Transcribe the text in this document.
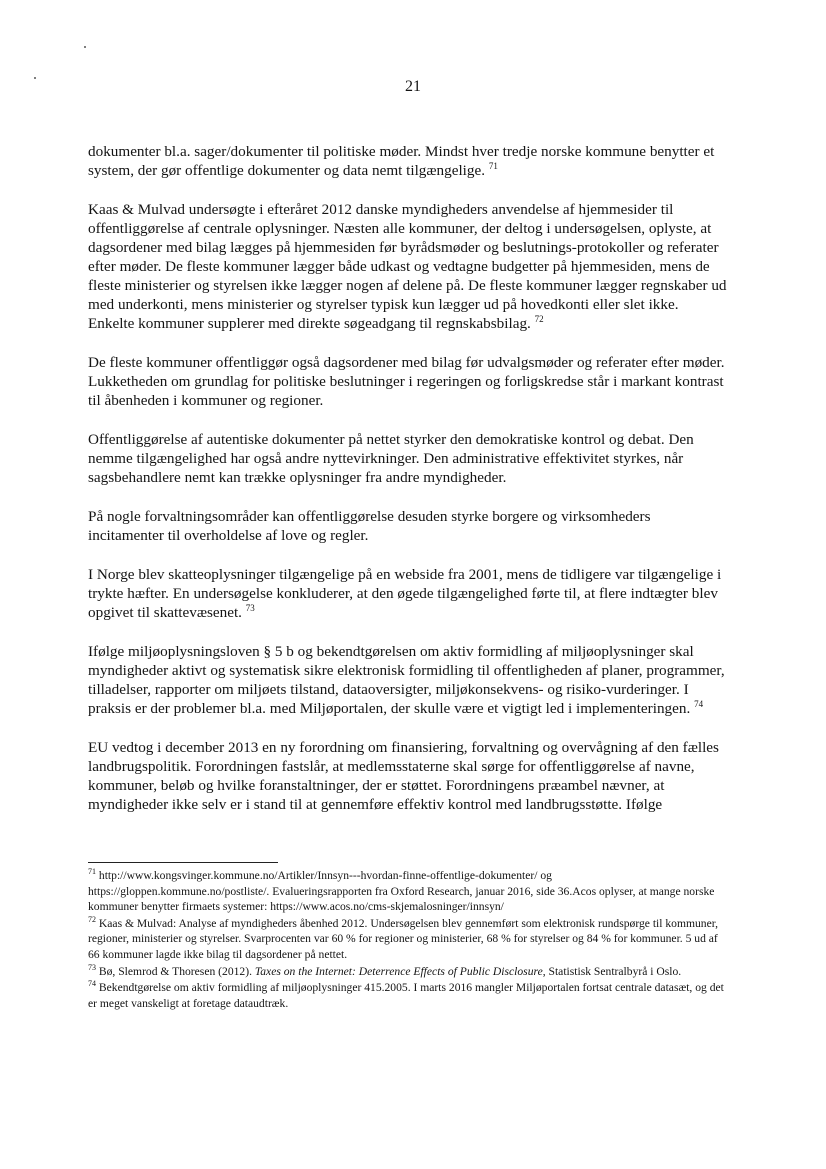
21

dokumenter bl.a. sager/dokumenter til politiske møder. Mindst hver tredje norske kommune benytter et system, der gør offentlige dokumenter og data nemt tilgængelige. $^{71}$

Kaas & Mulvad undersøgte i efteråret 2012 danske myndigheders anvendelse af hjemmesider til offentliggørelse af centrale oplysninger. Næsten alle kommuner, der deltog i undersøgelsen, oplyste, at dagsordener med bilag lægges på hjemmesiden før byrådsmøder og beslutnings-protokoller og referater efter møder. De fleste kommuner lægger både udkast og vedtagne budgetter på hjemmesiden, mens de fleste ministerier og styrelsen ikke lægger nogen af delene på. De fleste kommuner lægger regnskaber ud med underkonti, mens ministerier og styrelser typisk kun lægger ud på hovedkonti eller slet ikke. Enkelte kommuner supplerer med direkte søgeadgang til regnskabsbilag. $^{72}$

De fleste kommuner offentliggør også dagsordener med bilag før udvalgsmøder og referater efter møder. Lukketheden om grundlag for politiske beslutninger i regeringen og forligskredse står i markant kontrast til åbenheden i kommuner og regioner.

Offentliggørelse af autentiske dokumenter på nettet styrker den demokratiske kontrol og debat. Den nemme tilgængelighed har også andre nyttevirkninger. Den administrative effektivitet styrkes, når sagsbehandlere nemt kan trække oplysninger fra andre myndigheder.

På nogle forvaltningsområder kan offentliggørelse desuden styrke borgere og virksomheders incitamenter til overholdelse af love og regler.

I Norge blev skatteoplysninger tilgængelige på en webside fra 2001, mens de tidligere var tilgængelige i trykte hæfter. En undersøgelse konkluderer, at den øgede tilgængelighed førte til, at flere indtægter blev opgivet til skattevæsenet. $^{73}$

Ifølge miljøoplysningsloven § 5 b og bekendtgørelsen om aktiv formidling af miljøoplysninger skal myndigheder aktivt og systematisk sikre elektronisk formidling til offentligheden af planer, programmer, tilladelser, rapporter om miljøets tilstand, dataoversigter, miljøkonsekvens- og risiko-vurderinger. I praksis er der problemer bl.a. med Miljøportalen, der skulle være et vigtigt led i implementeringen. $^{74}$

EU vedtog i december 2013 en ny forordning om finansiering, forvaltning og overvågning af den fælles landbrugspolitik. Forordningen fastslår, at medlemsstaterne skal sørge for offentliggørelse af navne, kommuner, beløb og hvilke foranstaltninger, der er støttet. Forordningens præambel nævner, at myndigheder ikke selv er i stand til at gennemføre effektiv kontrol med landbrugsstøtte. Ifølge

$^{71}$ http://www.kongsvinger.kommune.no/Artikler/Innsyn---hvordan-finne-offentlige-dokumenter/ og https://gloppen.kommune.no/postliste/. Evalueringsrapporten fra Oxford Research, januar 2016, side 36.Acos oplyser, at mange norske kommuner benytter firmaets systemer: https://www.acos.no/cms-skjemalosninger/innsyn/
$^{72}$ Kaas & Mulvad: Analyse af myndigheders åbenhed 2012. Undersøgelsen blev gennemført som elektronisk rundspørge til kommuner, regioner, ministerier og styrelser. Svarprocenten var 60 % for regioner og ministerier, 68 % for styrelser og 84 % for kommuner. 5 ud af 66 kommuner lagde ikke bilag til dagsordener på nettet.
$^{73}$ Bø, Slemrod & Thoresen (2012). Taxes on the Internet: Deterrence Effects of Public Disclosure, Statistisk Sentralbyrå i Oslo.
$^{74}$ Bekendtgørelse om aktiv formidling af miljøoplysninger 415.2005. I marts 2016 mangler Miljøportalen fortsat centrale datasæt, og det er meget vanskeligt at foretage dataudtræk.
